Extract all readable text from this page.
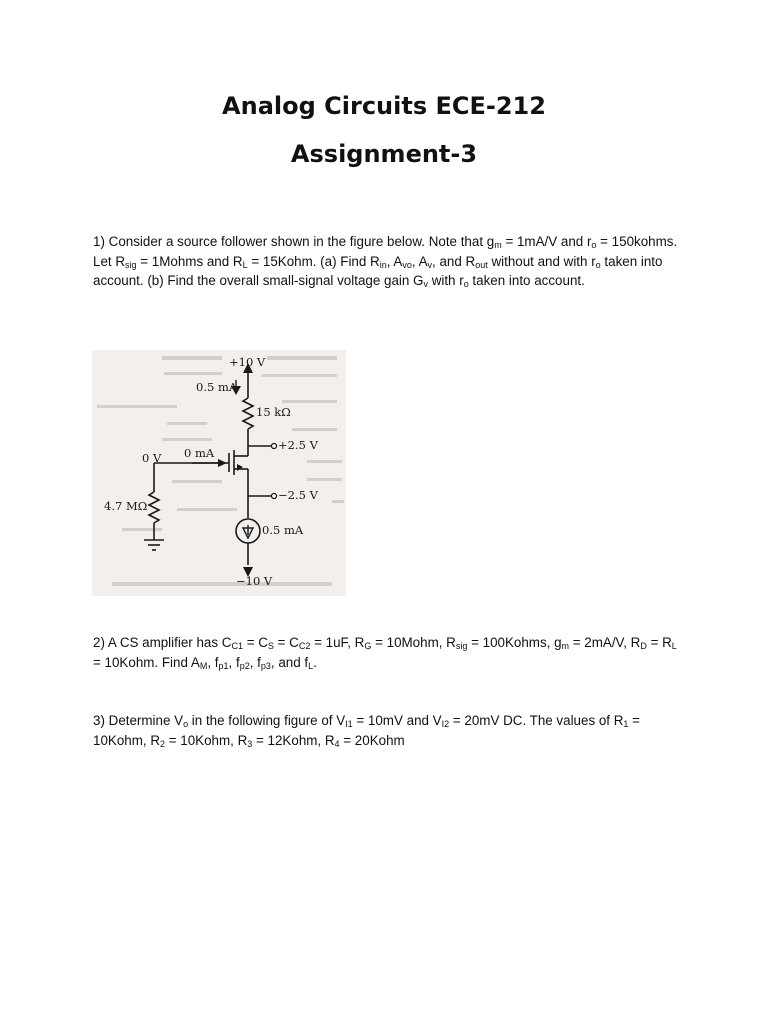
Analog Circuits ECE-212
Assignment-3

1) Consider a source follower shown in the figure below. Note that $g_m = 1mA/V$ and $r_o$ = 150kohms. Let $R_{sig}$ = 1Mohms and $R_L$ = 15Kohm. (a) Find $R_{in}$, $A_{vo}$, $A_v$, and $R_{out}$ without and with $r_o$ taken into account. (b) Find the overall small-signal voltage gain $G_v$ with $r_o$ taken into account.

+10 V
0.5 mA
15 kΩ
+2.5 V
0 V 0 mA
−2.5 V
4.7 MΩ
0.5 mA
−10 V

2) A CS amplifier has $C_{C1} = C_S = C_{C2} = 1uF$, $R_G$ = 10Mohm, $R_{sig}$ = 100Kohms, $g_m = 2mA/V$, $R_D = R_L$ = 10Kohm. Find $A_M$, $f_{p1}$, $f_{p2}$, $f_{p3}$, and $f_L$.

3) Determine $V_o$ in the following figure of $V_{I1} = 10mV$ and $V_{I2} = 20mV$ DC. The values of $R_1$ = 10Kohm, $R_2$ = 10Kohm, $R_3$ = 12Kohm, $R_4$ = 20Kohm
